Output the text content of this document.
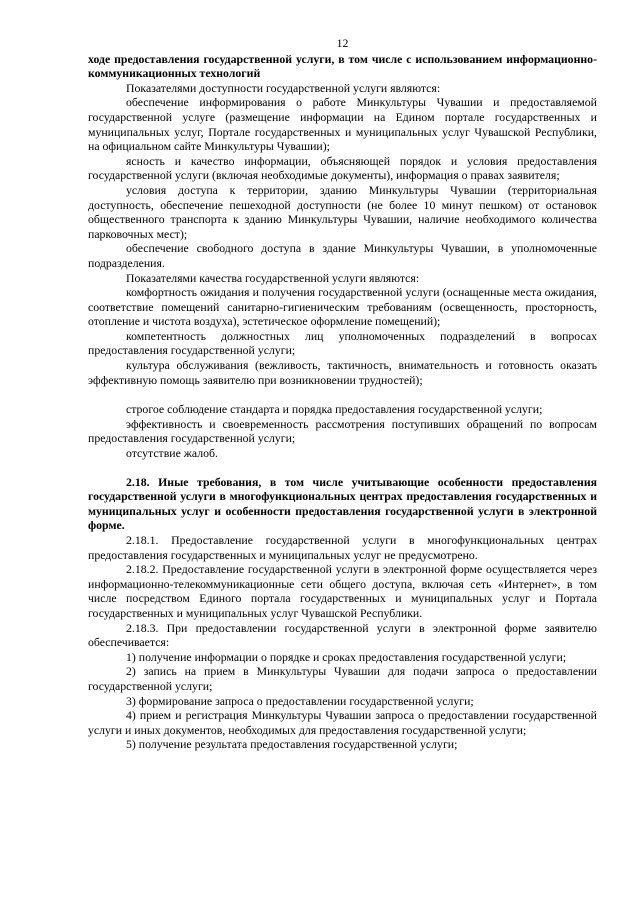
12

ходе предоставления государственной услуги, в том числе с использованием информационно-коммуникационных технологий

Показателями доступности государственной услуги являются:

обеспечение информирования о работе Минкультуры Чувашии и предоставляемой государственной услуге (размещение информации на Едином портале государственных и муниципальных услуг, Портале государственных и муниципальных услуг Чувашской Республики, на официальном сайте Минкультуры Чувашии);

ясность и качество информации, объясняющей порядок и условия предоставления государственной услуги (включая необходимые документы), информация о правах заявителя;

условия доступа к территории, зданию Минкультуры Чувашии (территориальная доступность, обеспечение пешеходной доступности (не более 10 минут пешком) от остановок общественного транспорта к зданию Минкультуры Чувашии, наличие необходимого количества парковочных мест);

обеспечение свободного доступа в здание Минкультуры Чувашии, в уполномоченные подразделения.

Показателями качества государственной услуги являются:

комфортность ожидания и получения государственной услуги (оснащенные места ожидания, соответствие помещений санитарно-гигиеническим требованиям (освещенность, просторность, отопление и чистота воздуха), эстетическое оформление помещений);

компетентность должностных лиц уполномоченных подразделений в вопросах предоставления государственной услуги;

культура обслуживания (вежливость, тактичность, внимательность и готовность оказать эффективную помощь заявителю при возникновении трудностей);

строгое соблюдение стандарта и порядка предоставления государственной услуги;

эффективность и своевременность рассмотрения поступивших обращений по вопросам предоставления государственной услуги;

отсутствие жалоб.

2.18. Иные требования, в том числе учитывающие особенности предоставления государственной услуги в многофункциональных центрах предоставления государственных и муниципальных услуг и особенности предоставления государственной услуги в электронной форме.

2.18.1. Предоставление государственной услуги в многофункциональных центрах предоставления государственных и муниципальных услуг не предусмотрено.

2.18.2. Предоставление государственной услуги в электронной форме осуществляется через информационно-телекоммуникационные сети общего доступа, включая сеть «Интернет», в том числе посредством Единого портала государственных и муниципальных услуг и Портала государственных и муниципальных услуг Чувашской Республики.

2.18.3. При предоставлении государственной услуги в электронной форме заявителю обеспечивается:

1) получение информации о порядке и сроках предоставления государственной услуги;

2) запись на прием в Минкультуры Чувашии для подачи запроса о предоставлении государственной услуги;

3) формирование запроса о предоставлении государственной услуги;

4) прием и регистрация Минкультуры Чувашии запроса о предоставлении государственной услуги и иных документов, необходимых для предоставления государственной услуги;

5) получение результата предоставления государственной услуги;
